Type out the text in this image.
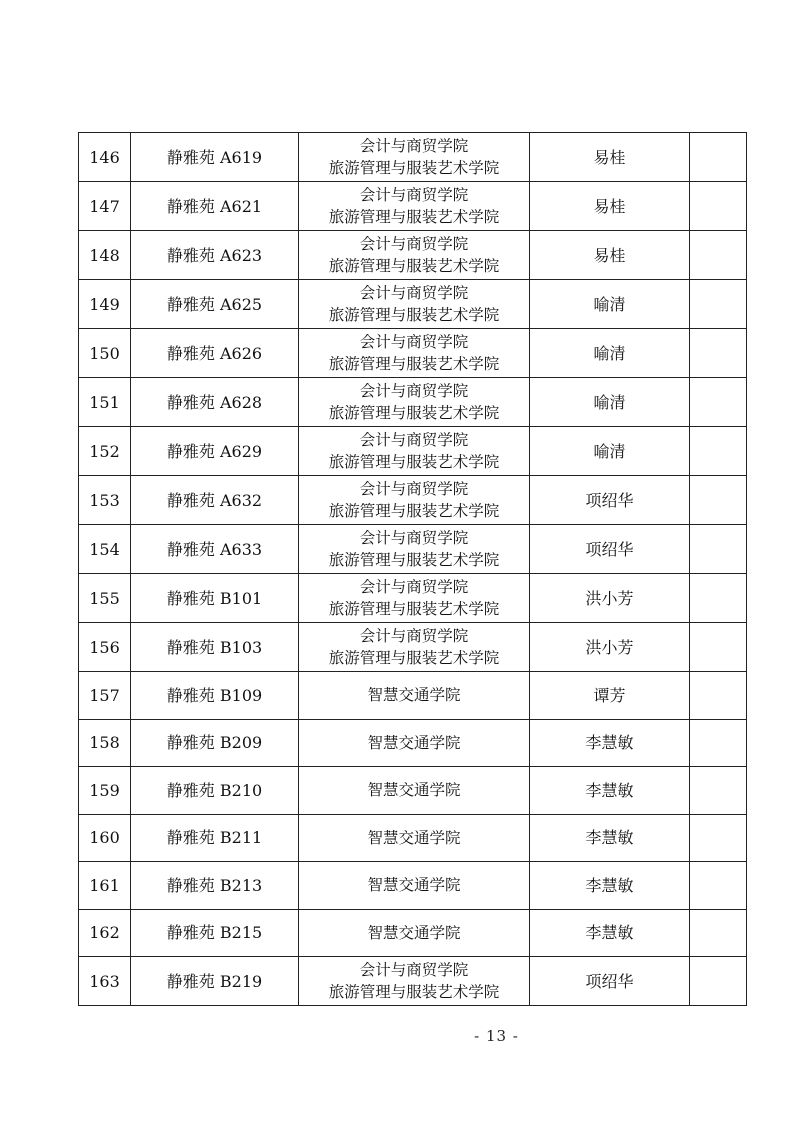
146	静雅苑 A619	会计与商贸学院
旅游管理与服装艺术学院	易桂	
147	静雅苑 A621	会计与商贸学院
旅游管理与服装艺术学院	易桂	
148	静雅苑 A623	会计与商贸学院
旅游管理与服装艺术学院	易桂	
149	静雅苑 A625	会计与商贸学院
旅游管理与服装艺术学院	喻清	
150	静雅苑 A626	会计与商贸学院
旅游管理与服装艺术学院	喻清	
151	静雅苑 A628	会计与商贸学院
旅游管理与服装艺术学院	喻清	
152	静雅苑 A629	会计与商贸学院
旅游管理与服装艺术学院	喻清	
153	静雅苑 A632	会计与商贸学院
旅游管理与服装艺术学院	项绍华	
154	静雅苑 A633	会计与商贸学院
旅游管理与服装艺术学院	项绍华	
155	静雅苑 B101	会计与商贸学院
旅游管理与服装艺术学院	洪小芳	
156	静雅苑 B103	会计与商贸学院
旅游管理与服装艺术学院	洪小芳	
157	静雅苑 B109	智慧交通学院	谭芳	
158	静雅苑 B209	智慧交通学院	李慧敏	
159	静雅苑 B210	智慧交通学院	李慧敏	
160	静雅苑 B211	智慧交通学院	李慧敏	
161	静雅苑 B213	智慧交通学院	李慧敏	
162	静雅苑 B215	智慧交通学院	李慧敏	
163	静雅苑 B219	会计与商贸学院
旅游管理与服装艺术学院	项绍华	
- 13 -
